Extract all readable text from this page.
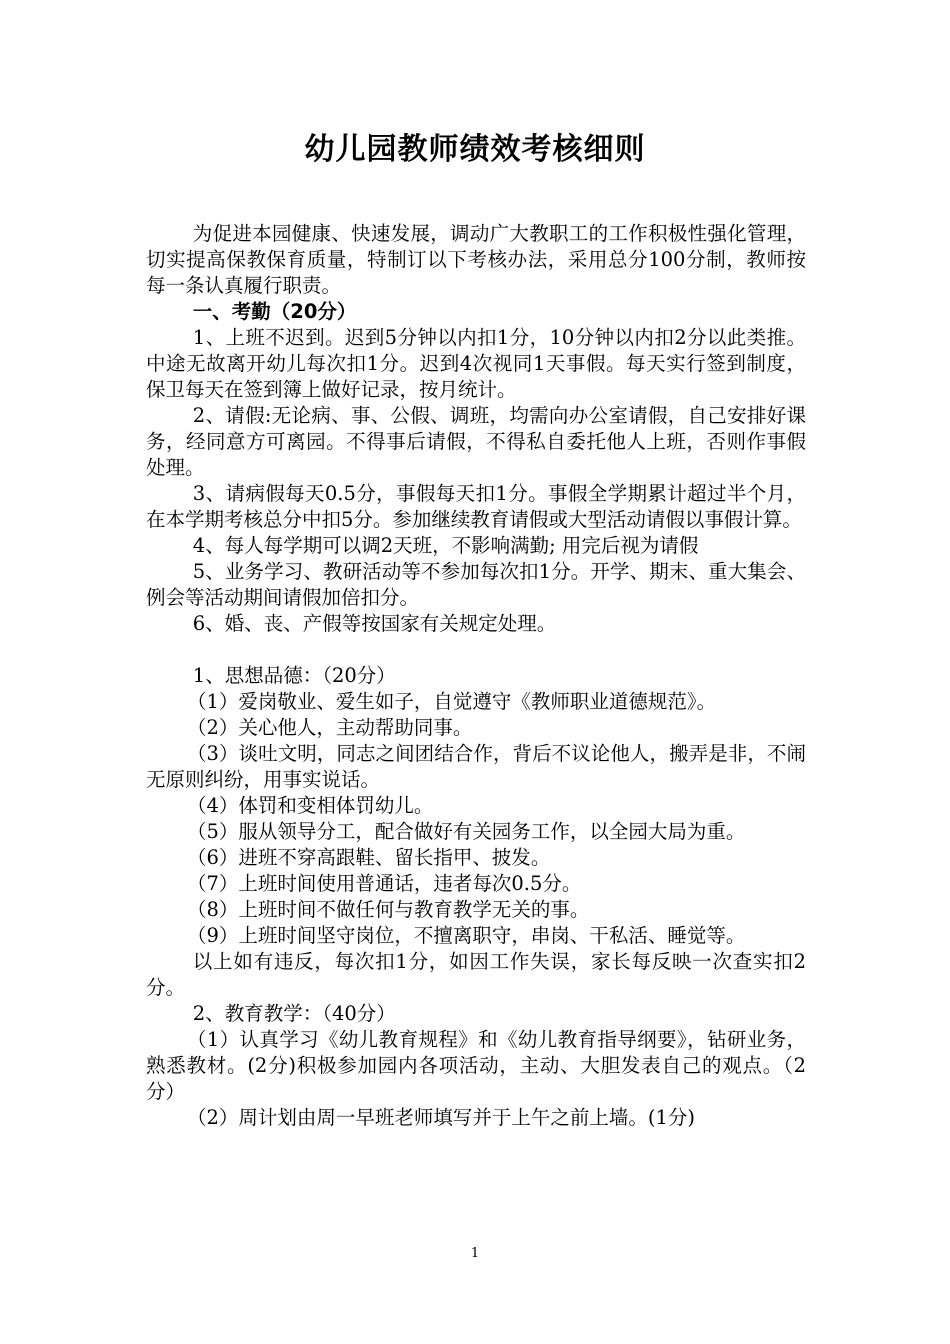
幼儿园教师绩效考核细则

为促进本园健康、快速发展，调动广大教职工的工作积极性强化管理，切实提高保教保育质量，特制订以下考核办法，采用总分100分制，教师按每一条认真履行职责。

一、考勤（20分）

1、上班不迟到。迟到5分钟以内扣1分，10分钟以内扣2分以此类推。中途无故离开幼儿每次扣1分。迟到4次视同1天事假。每天实行签到制度，保卫每天在签到簿上做好记录，按月统计。

2、请假:无论病、事、公假、调班，均需向办公室请假，自己安排好课务，经同意方可离园。不得事后请假，不得私自委托他人上班，否则作事假处理。

3、请病假每天0.5分，事假每天扣1分。事假全学期累计超过半个月，在本学期考核总分中扣5分。参加继续教育请假或大型活动请假以事假计算。

4、每人每学期可以调2天班，不影响满勤; 用完后视为请假

5、业务学习、教研活动等不参加每次扣1分。开学、期末、重大集会、例会等活动期间请假加倍扣分。

6、婚、丧、产假等按国家有关规定处理。

1、思想品德：（20分）

（1）爱岗敬业、爱生如子，自觉遵守《教师职业道德规范》。

（2）关心他人，主动帮助同事。

（3）谈吐文明，同志之间团结合作，背后不议论他人，搬弄是非，不闹无原则纠纷，用事实说话。

（4）体罚和变相体罚幼儿。

（5）服从领导分工，配合做好有关园务工作，以全园大局为重。

（6）进班不穿高跟鞋、留长指甲、披发。

（7）上班时间使用普通话，违者每次0.5分。

（8）上班时间不做任何与教育教学无关的事。

（9）上班时间坚守岗位，不擅离职守，串岗、干私活、睡觉等。

以上如有违反，每次扣1分，如因工作失误，家长每反映一次查实扣2分。

2、教育教学：（40分）

（1）认真学习《幼儿教育规程》和《幼儿教育指导纲要》，钻研业务，熟悉教材。(2分)积极参加园内各项活动，主动、大胆发表自己的观点。（2分）

（2）周计划由周一早班老师填写并于上午之前上墙。(1分)

1
